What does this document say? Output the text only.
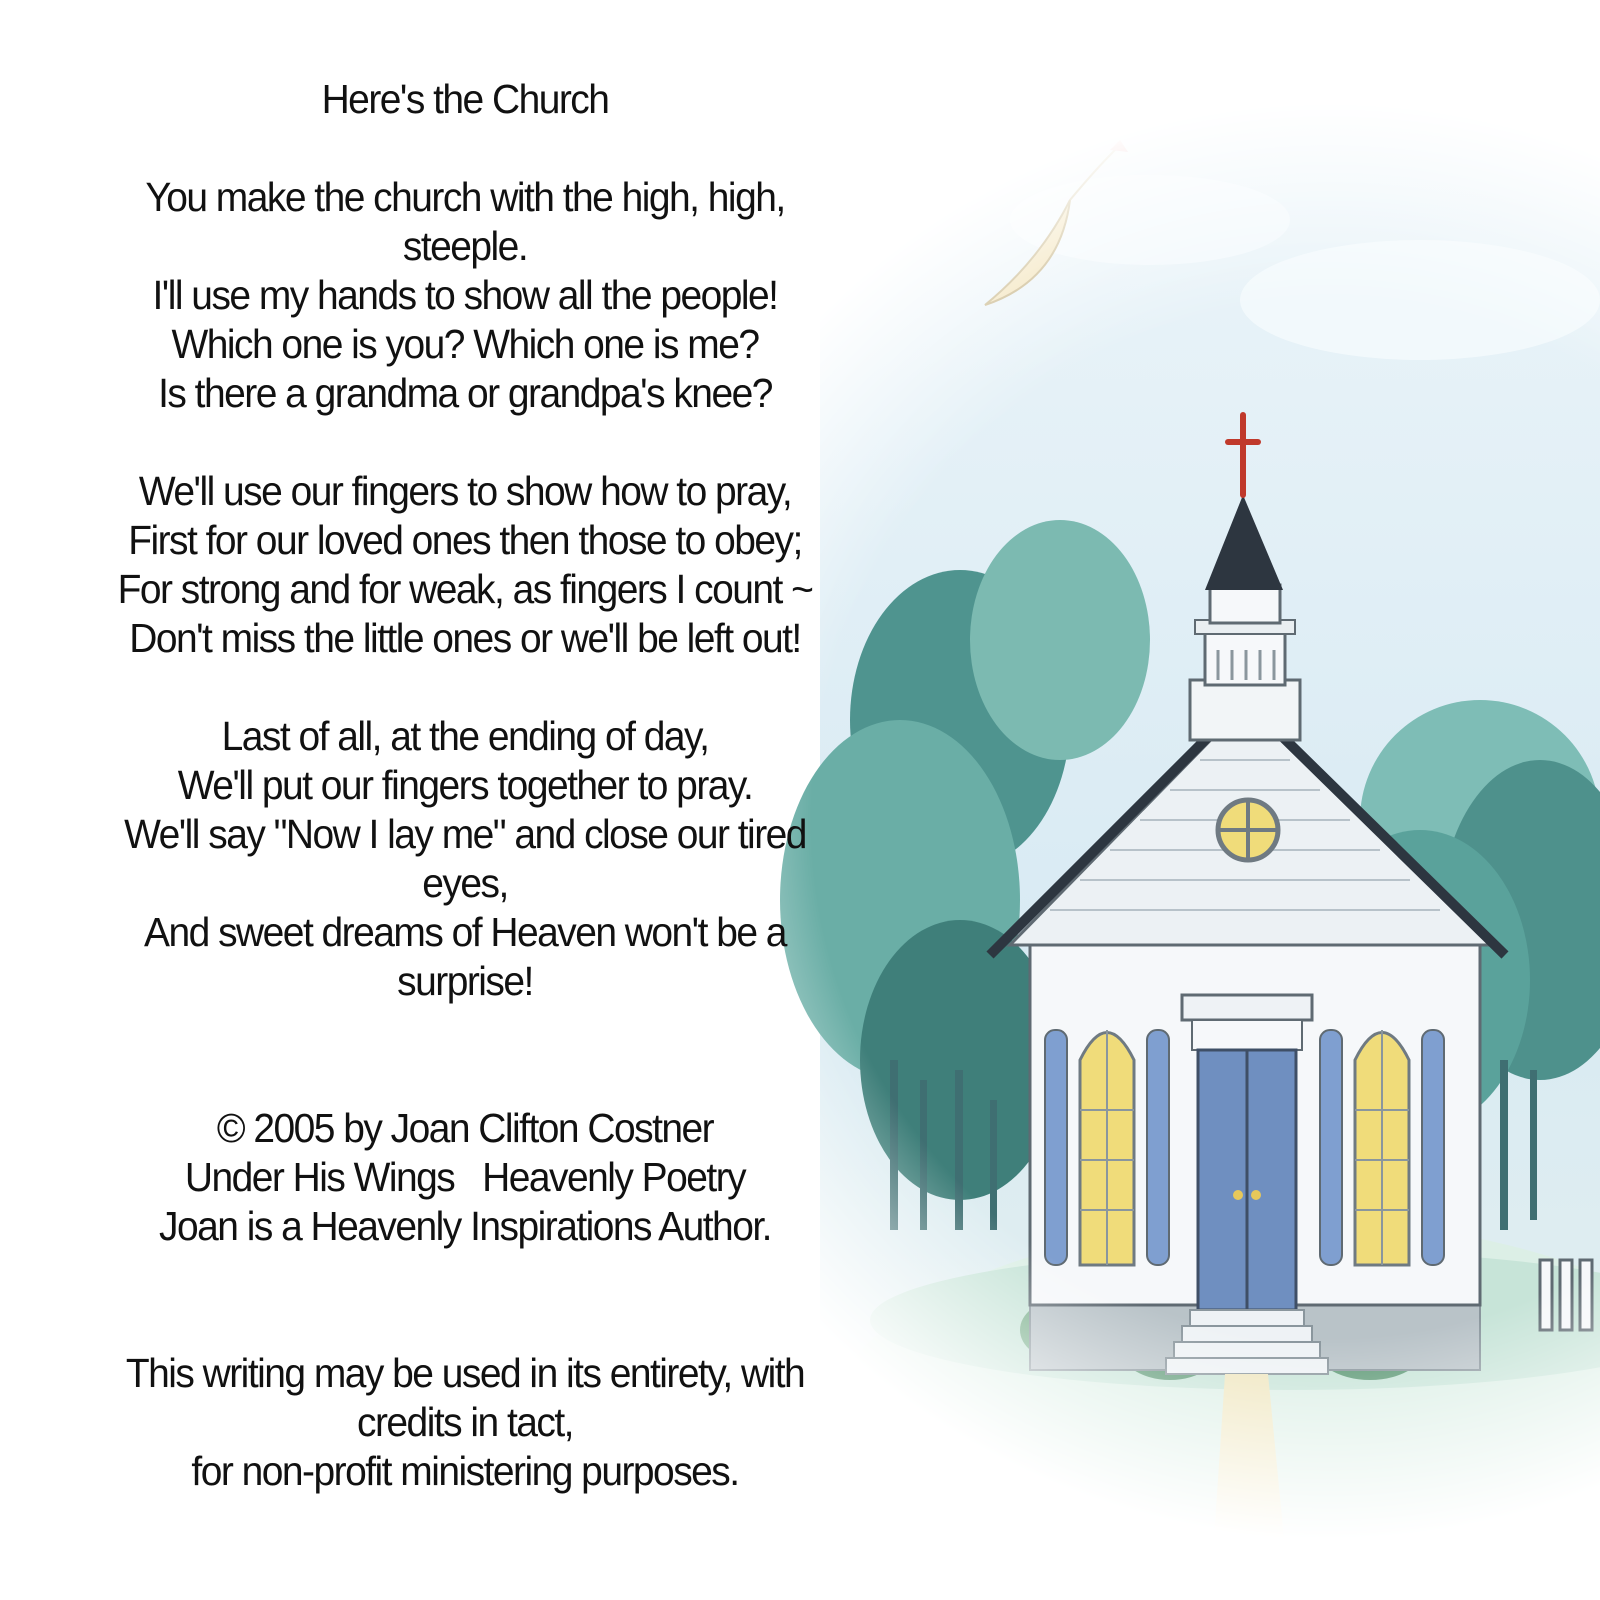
Here's the Church
You make the church with the high, high,
steeple.
I'll use my hands to show all the people!
Which one is you? Which one is me?
Is there a grandma or grandpa's knee?
We'll use our fingers to show how to pray,
First for our loved ones then those to obey;
For strong and for weak, as fingers I count ~
Don't miss the little ones or we'll be left out!
Last of all, at the ending of day,
We'll put our fingers together to pray.
We'll say "Now I lay me" and close our tired
eyes,
And sweet dreams of Heaven won't be a
surprise!
© 2005 by Joan Clifton Costner
Under His Wings   Heavenly Poetry
Joan is a Heavenly Inspirations Author.
This writing may be used in its entirety, with
credits in tact,
for non-profit ministering purposes.
